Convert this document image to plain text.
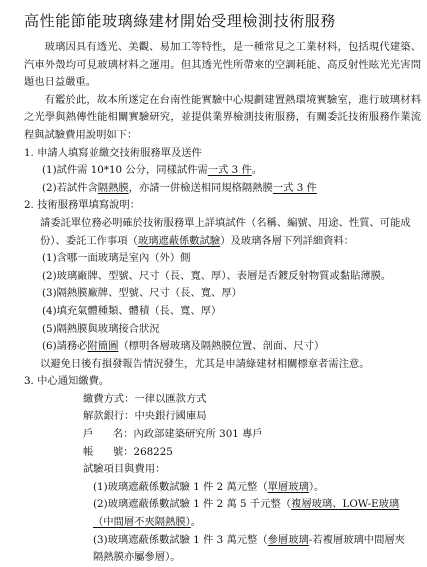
高性能節能玻璃綠建材開始受理檢測技術服務

玻璃因具有透光、美觀、易加工等特性，是一種常見之工業材料，包括現代建築、汽車外殼均可見玻璃材料之運用。但其透光性所帶來的空調耗能、高反射性眩光光害問題也日益嚴重。

有鑑於此，故本所遂定在台南性能實驗中心規劃建置熱環境實驗室，進行玻璃材料之光學與熱傳性能相關實驗研究，並提供業界檢測技術服務，有關委託技術服務作業流程與試驗費用說明如下：

1. 申請人填寫並繳交技術服務單及送件
(1)試件需 10*10 公分，同樣試件需一式 3 件。
(2)若試件含隔熱膜，亦請一併檢送相同規格隔熱膜一式 3 件
2. 技術服務單填寫說明：
請委託單位務必明確於技術服務單上詳填試件（名稱、編號、用途、性質、可能成份）、委託工作事項（玻璃遮蔽係數試驗）及玻璃各層下列詳細資料：
(1)含哪一面玻璃是室內（外）側
(2)玻璃廠牌、型號、尺寸（長、寬、厚）、表層是否鍍反射物質或黏貼薄膜。
(3)隔熱膜廠牌、型號、尺寸（長、寬、厚）
(4)填充氣體種類、體積（長、寬、厚）
(5)隔熱膜與玻璃接合狀況
(6)請務必附簡圖（標明各層玻璃及隔熱膜位置、剖面、尺寸）
以避免日後有損發報告情況發生，尤其是申請綠建材相關標章者需注意。
3. 中心通知繳費。
繳費方式：一律以匯款方式
解款銀行：中央銀行國庫局
戶      名：內政部建築研究所 301 專戶
帳      號：268225
試驗項目與費用：
(1)玻璃遮蔽係數試驗 1 件 2 萬元整（單層玻璃）。
(2)玻璃遮蔽係數試驗 1 件 2 萬 5 千元整（複層玻璃、LOW-E玻璃（中間層不夾隔熱膜）。
(3)玻璃遮蔽係數試驗 1 件 3 萬元整（參層玻璃-若複層玻璃中間層夾隔熱膜亦屬參層）。
